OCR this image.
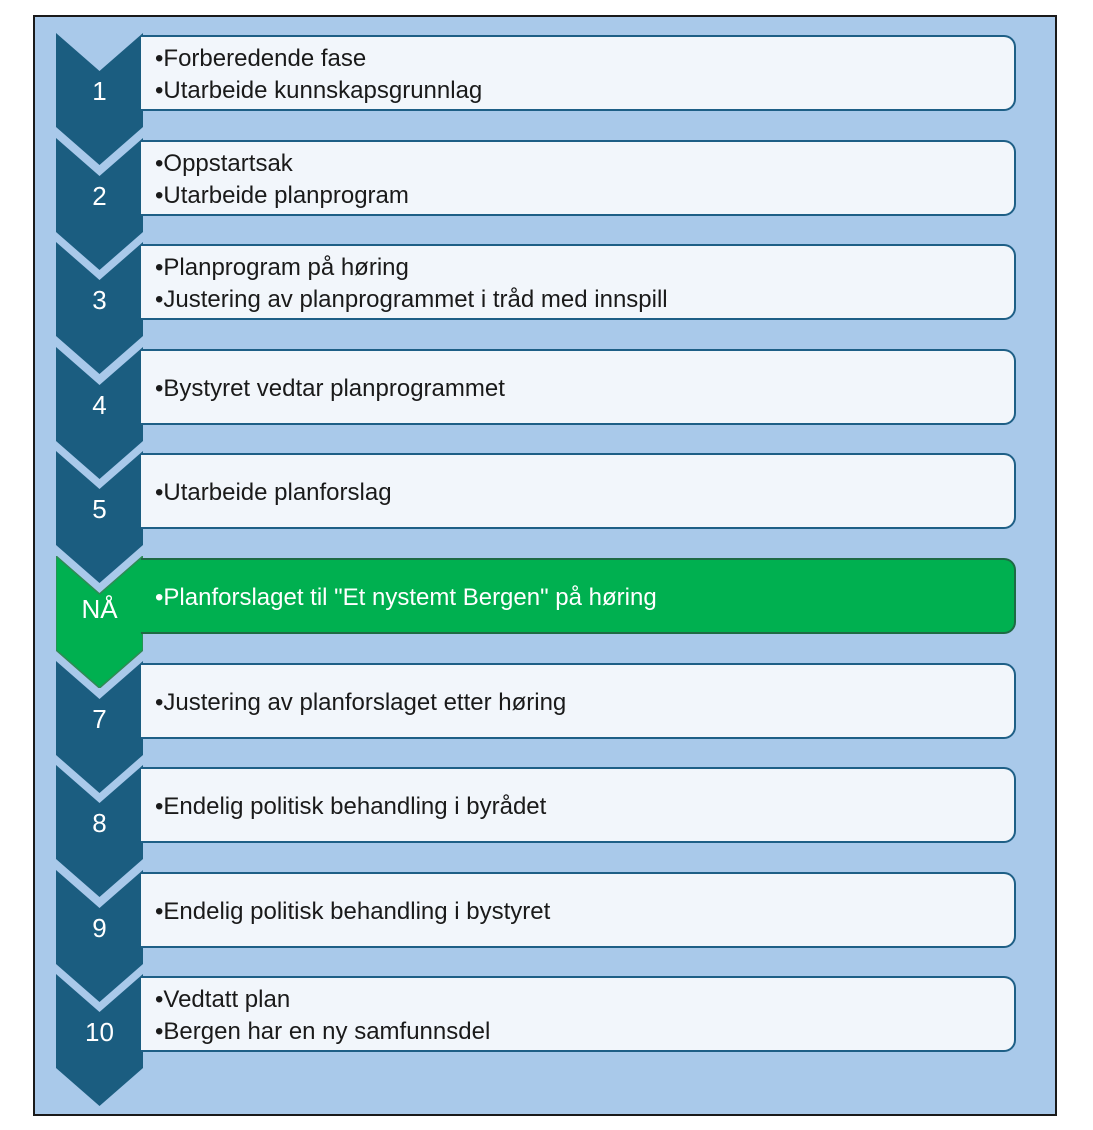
1
•Forberedende fase
•Utarbeide kunnskapsgrunnlag
2
•Oppstartsak
•Utarbeide planprogram
3
•Planprogram på høring
•Justering av planprogrammet i tråd med innspill
4
•Bystyret vedtar planprogrammet
5
•Utarbeide planforslag
NÅ	•Planforslaget til "Et nystemt Bergen" på høring
7
•Justering av planforslaget etter høring
8
•Endelig politisk behandling i byrådet
9
•Endelig politisk behandling i bystyret
10
•Vedtatt plan
•Bergen har en ny samfunnsdel
